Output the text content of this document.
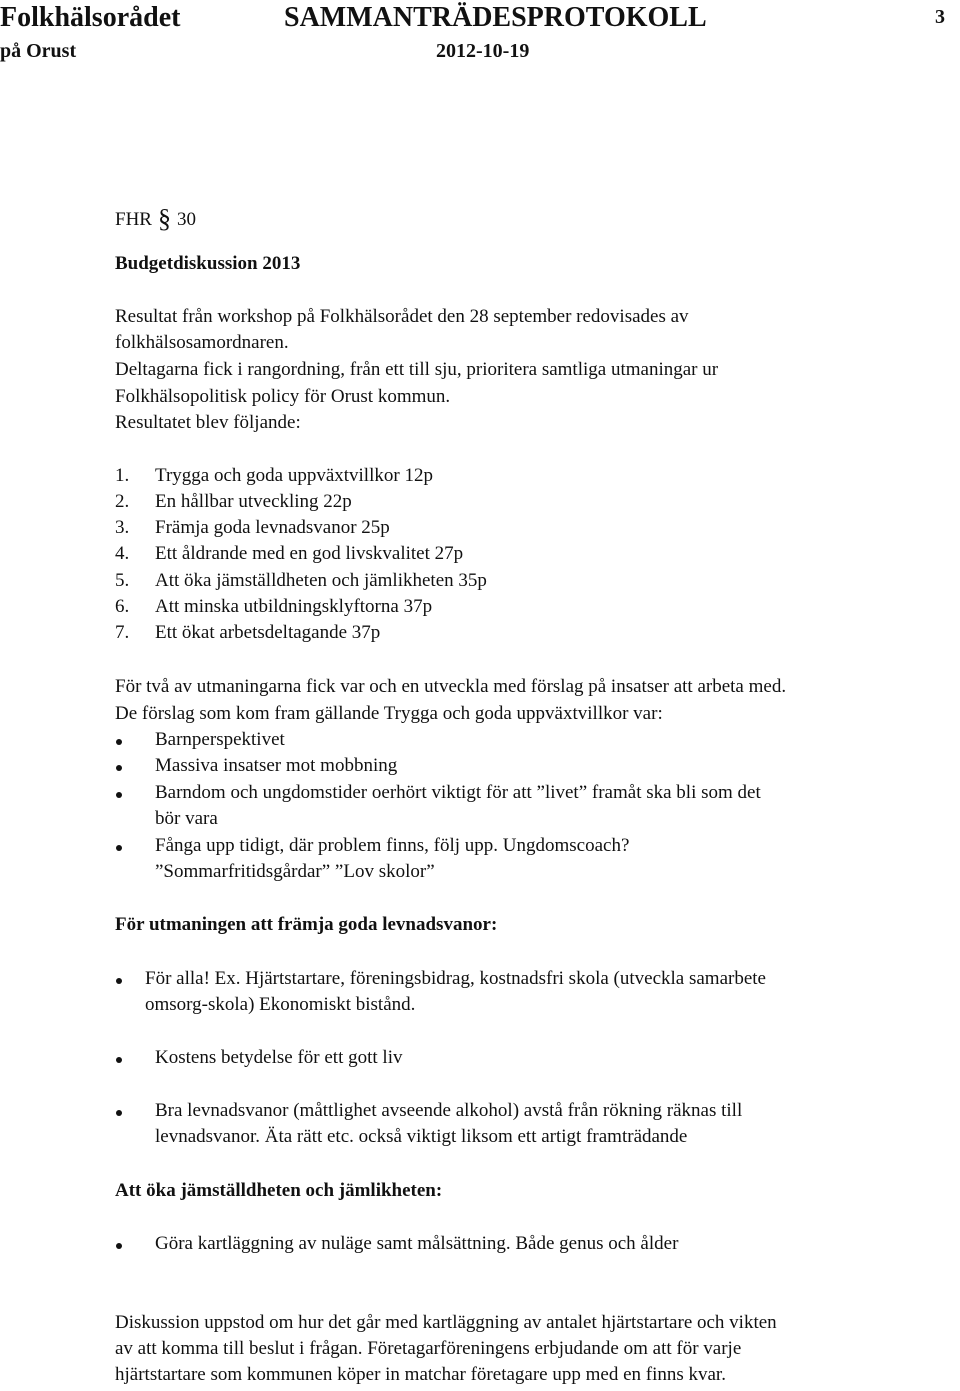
Folkhälsorådet	SAMMANTRÄDESPROTOKOLL	3
på Orust	2012-10-19
FHR § 30
Budgetdiskussion 2013
Resultat från workshop på Folkhälsorådet den 28 september redovisades av
folkhälsosamordnaren.
Deltagarna fick i rangordning, från ett till sju, prioritera samtliga utmaningar ur
Folkhälsopolitisk policy för Orust kommun.
Resultatet blev följande:
1. Trygga och goda uppväxtvillkor 12p
2. En hållbar utveckling 22p
3. Främja goda levnadsvanor 25p
4. Ett åldrande med en god livskvalitet 27p
5. Att öka jämställdheten och jämlikheten 35p
6. Att minska utbildningsklyftorna 37p
7. Ett ökat arbetsdeltagande 37p
För två av utmaningarna fick var och en utveckla med förslag på insatser att arbeta med.
De förslag som kom fram gällande Trygga och goda uppväxtvillkor var:
Barnperspektivet
Massiva insatser mot mobbning
Barndom och ungdomstider oerhört viktigt för att ”livet” framåt ska bli som det
bör vara
Fånga upp tidigt, där problem finns, följ upp. Ungdomscoach?
”Sommarfritidsgårdar” ”Lov skolor”
För utmaningen att främja goda levnadsvanor:
För alla! Ex. Hjärtstartare, föreningsbidrag, kostnadsfri skola (utveckla samarbete
omsorg-skola) Ekonomiskt bistånd.
Kostens betydelse för ett gott liv
Bra levnadsvanor (måttlighet avseende alkohol) avstå från rökning räknas till
levnadsvanor. Äta rätt etc. också viktigt liksom ett artigt framträdande
Att öka jämställdheten och jämlikheten:
Göra kartläggning av nuläge samt målsättning. Både genus och ålder
Diskussion uppstod om hur det går med kartläggning av antalet hjärtstartare och vikten
av att komma till beslut i frågan. Företagarföreningens erbjudande om att för varje
hjärtstartare som kommunen köper in matchar företagare upp med en finns kvar.
